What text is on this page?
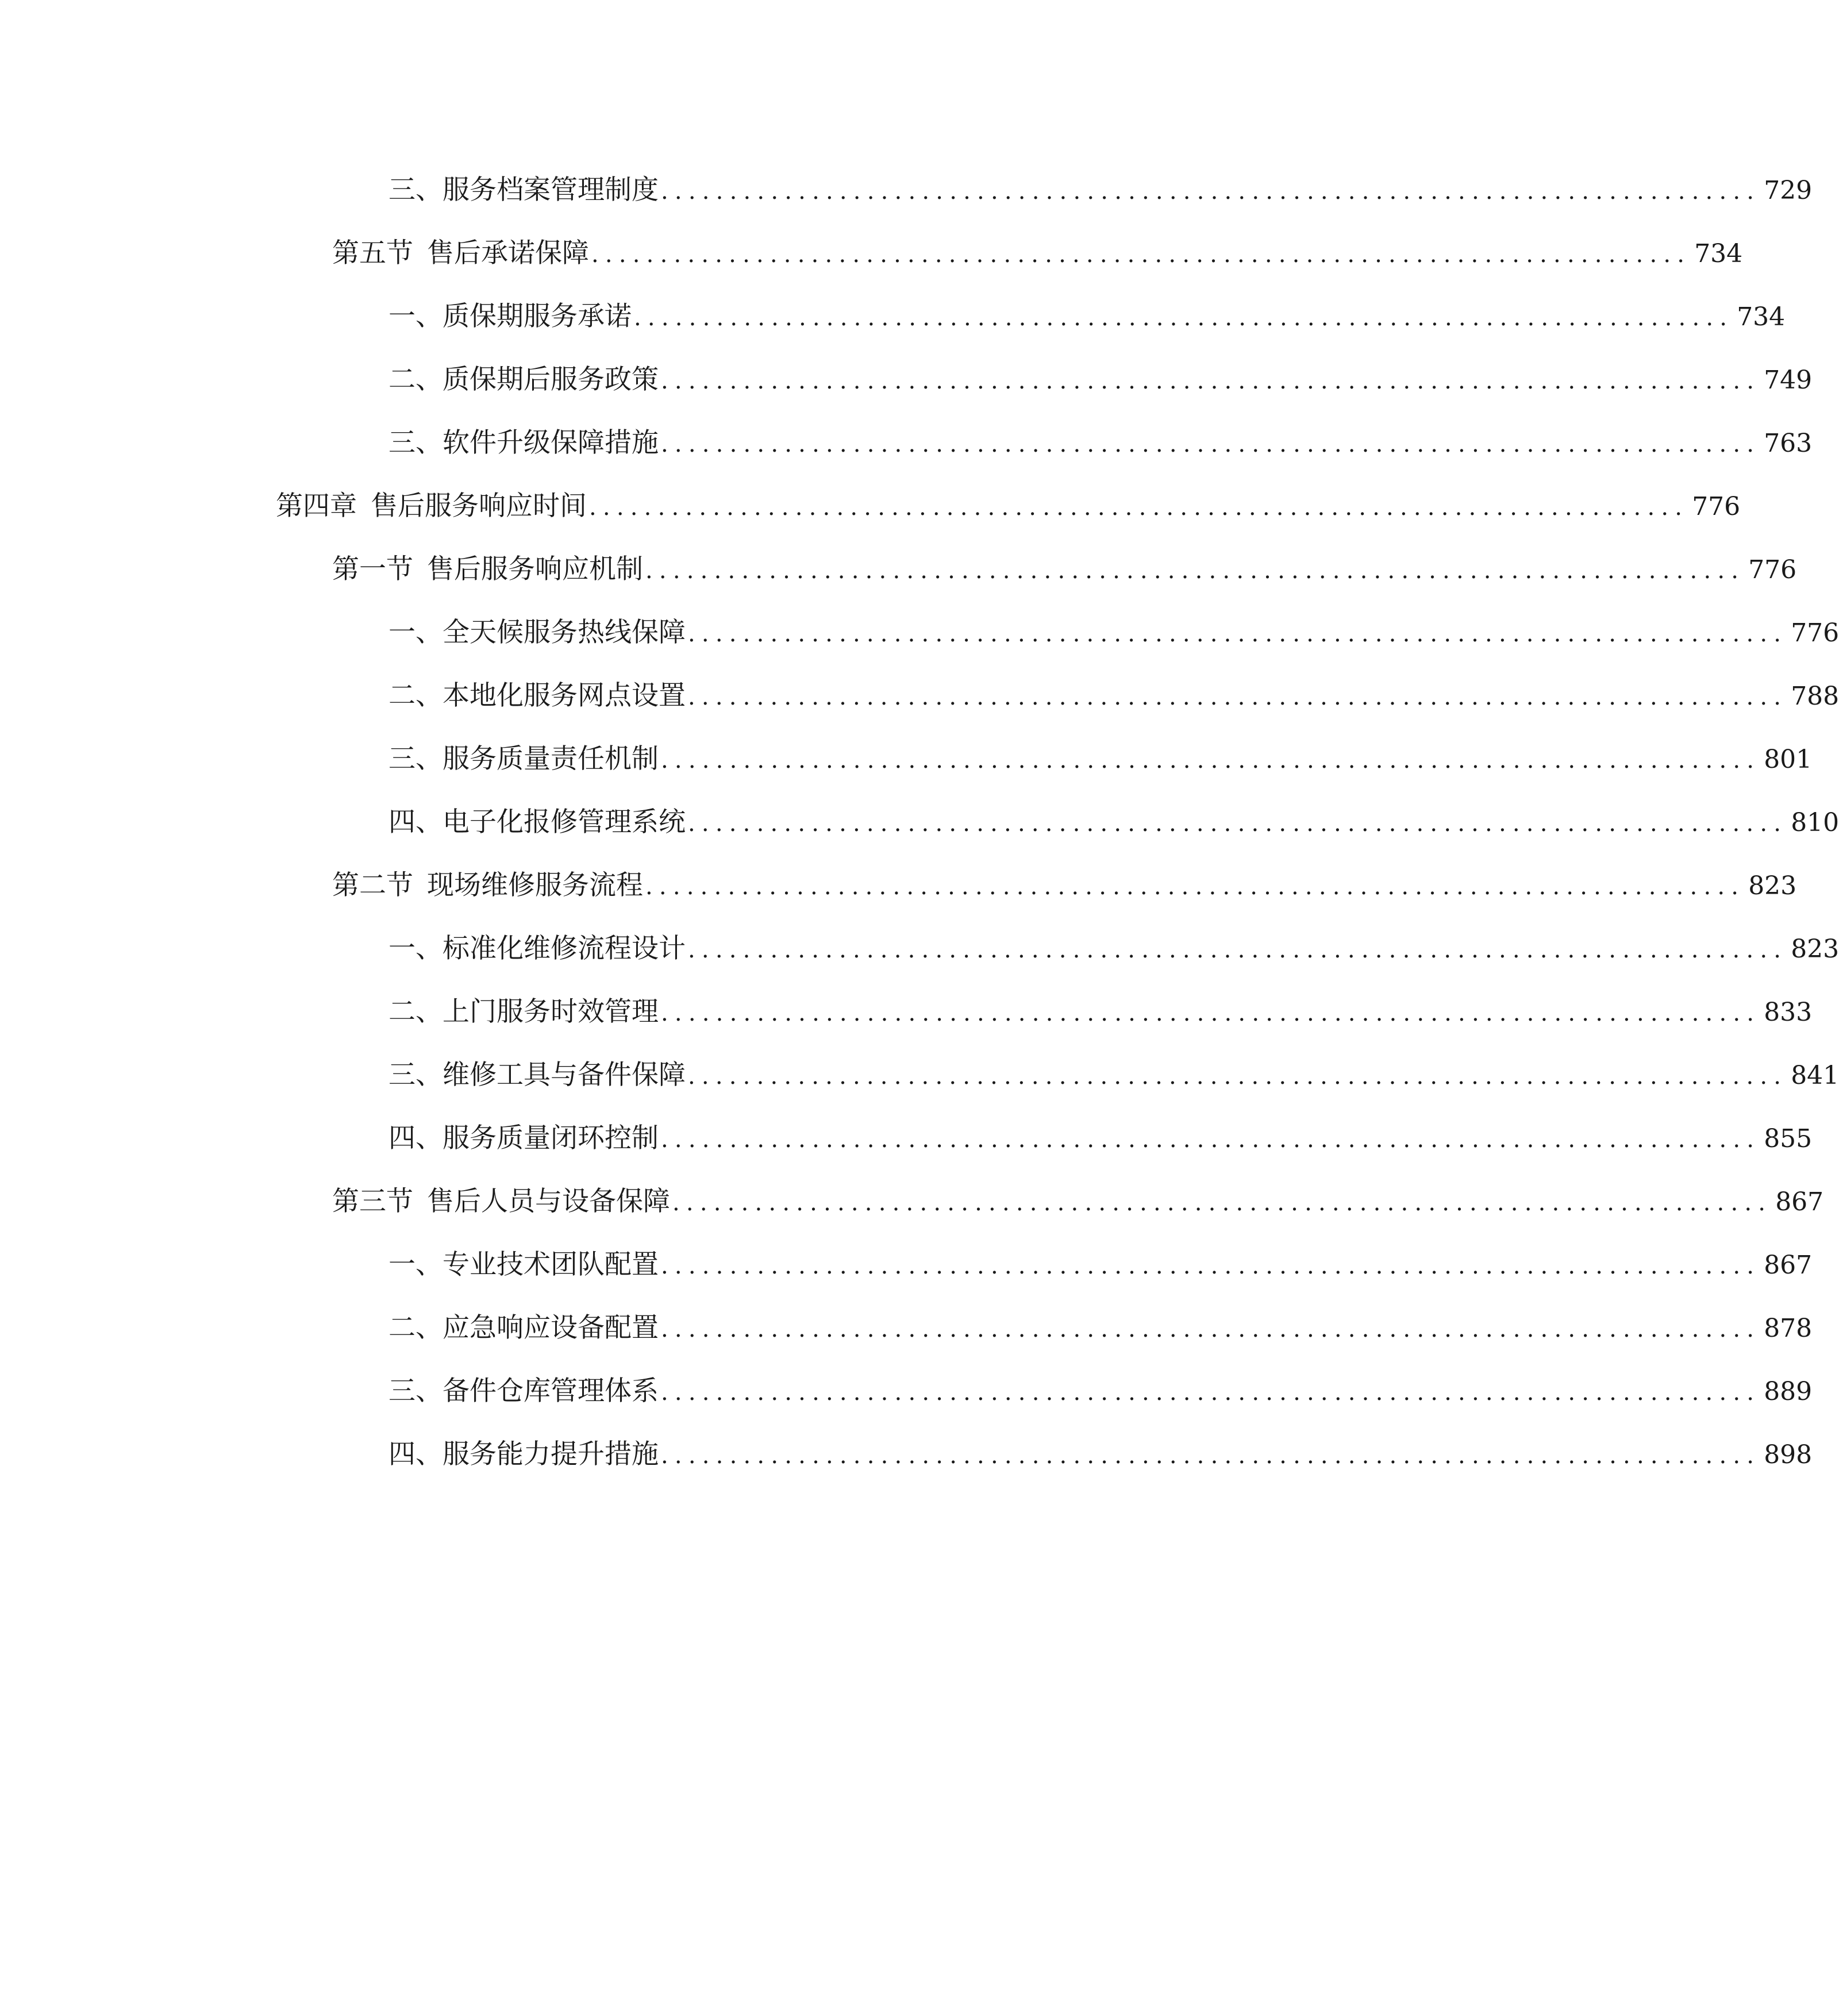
三、 服务档案管理制度 ................................................................................ 729
第五节 售后承诺保障 ................................................................................ 734
一、 质保期服务承诺 ................................................................................ 734
二、 质保期后服务政策 ................................................................................ 749
三、 软件升级保障措施 ................................................................................ 763
第四章 售后服务响应时间 ................................................................................ 776
第一节 售后服务响应机制 ................................................................................ 776
一、 全天候服务热线保障 ................................................................................ 776
二、 本地化服务网点设置 ................................................................................ 788
三、 服务质量责任机制 ................................................................................ 801
四、 电子化报修管理系统 ................................................................................ 810
第二节 现场维修服务流程 ................................................................................ 823
一、 标准化维修流程设计 ................................................................................ 823
二、 上门服务时效管理 ................................................................................ 833
三、 维修工具与备件保障 ................................................................................ 841
四、 服务质量闭环控制 ................................................................................ 855
第三节 售后人员与设备保障 ................................................................................ 867
一、 专业技术团队配置 ................................................................................ 867
二、 应急响应设备配置 ................................................................................ 878
三、 备件仓库管理体系 ................................................................................ 889
四、 服务能力提升措施 ................................................................................ 898
